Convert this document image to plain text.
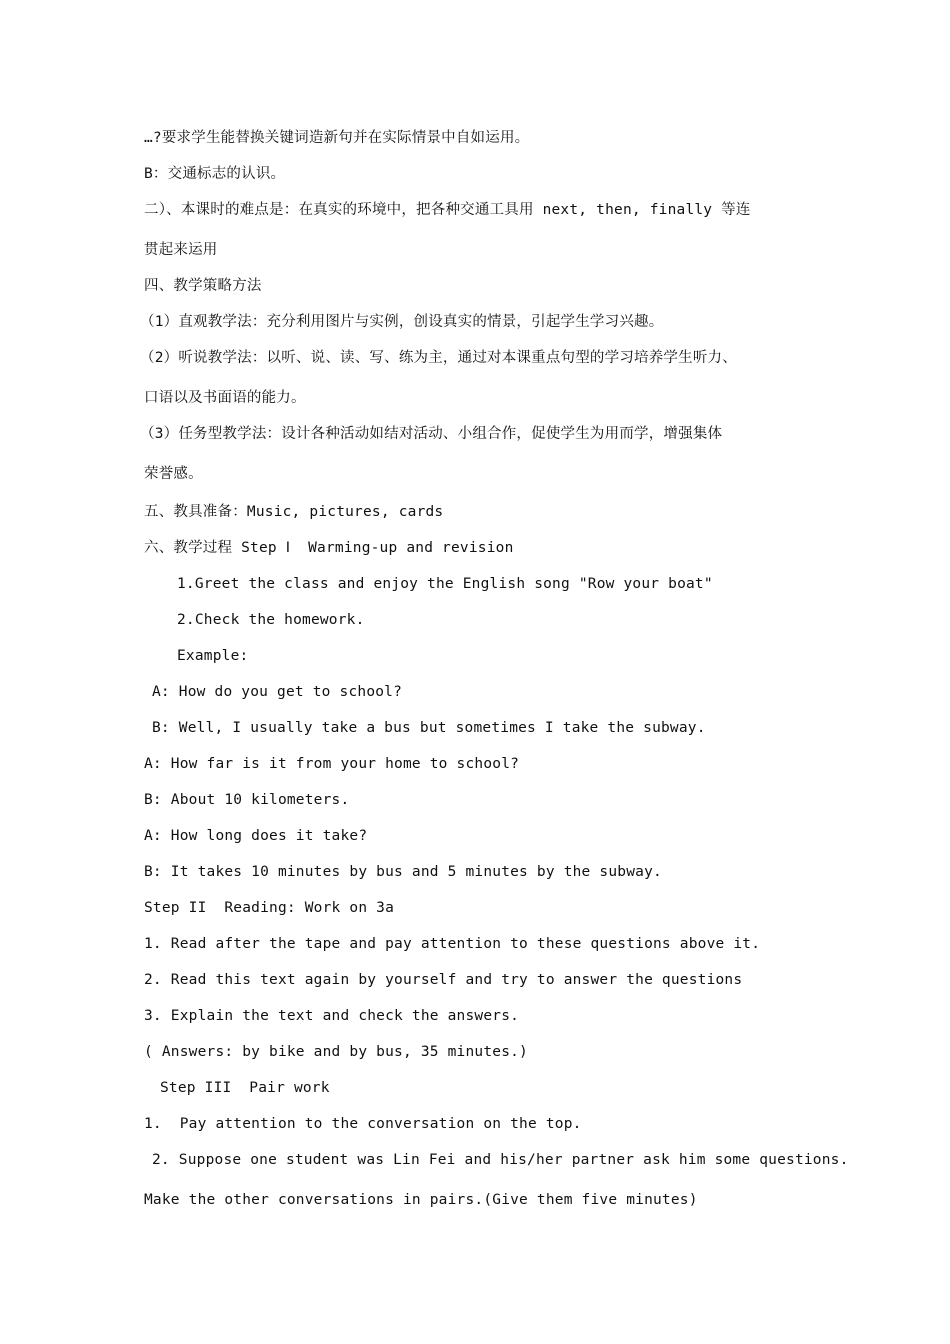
…?要求学生能替换关键词造新句并在实际情景中自如运用。
B：交通标志的认识。
二）、本课时的难点是：在真实的环境中，把各种交通工具用 next, then, finally 等连
贯起来运用
四、教学策略方法
（1）直观教学法：充分利用图片与实例，创设真实的情景，引起学生学习兴趣。
（2）听说教学法：以听、说、读、写、练为主，通过对本课重点句型的学习培养学生听力、
口语以及书面语的能力。
（3）任务型教学法：设计各种活动如结对活动、小组合作，促使学生为用而学，增强集体
荣誉感。
五、教具准备：Music, pictures, cards
六、教学过程 Step Ⅰ  Warming-up and revision
1.Greet the class and enjoy the English song "Row your boat"
2.Check the homework.
Example:
A: How do you get to school?
B: Well, I usually take a bus but sometimes I take the subway.
A: How far is it from your home to school?
B: About 10 kilometers.
A: How long does it take?
B: It takes 10 minutes by bus and 5 minutes by the subway.
Step II  Reading: Work on 3a
1. Read after the tape and pay attention to these questions above it.
2. Read this text again by yourself and try to answer the questions
3. Explain the text and check the answers.
( Answers: by bike and by bus, 35 minutes.)
Step III  Pair work
1.  Pay attention to the conversation on the top.
2. Suppose one student was Lin Fei and his/her partner ask him some questions.
Make the other conversations in pairs.(Give them five minutes)
